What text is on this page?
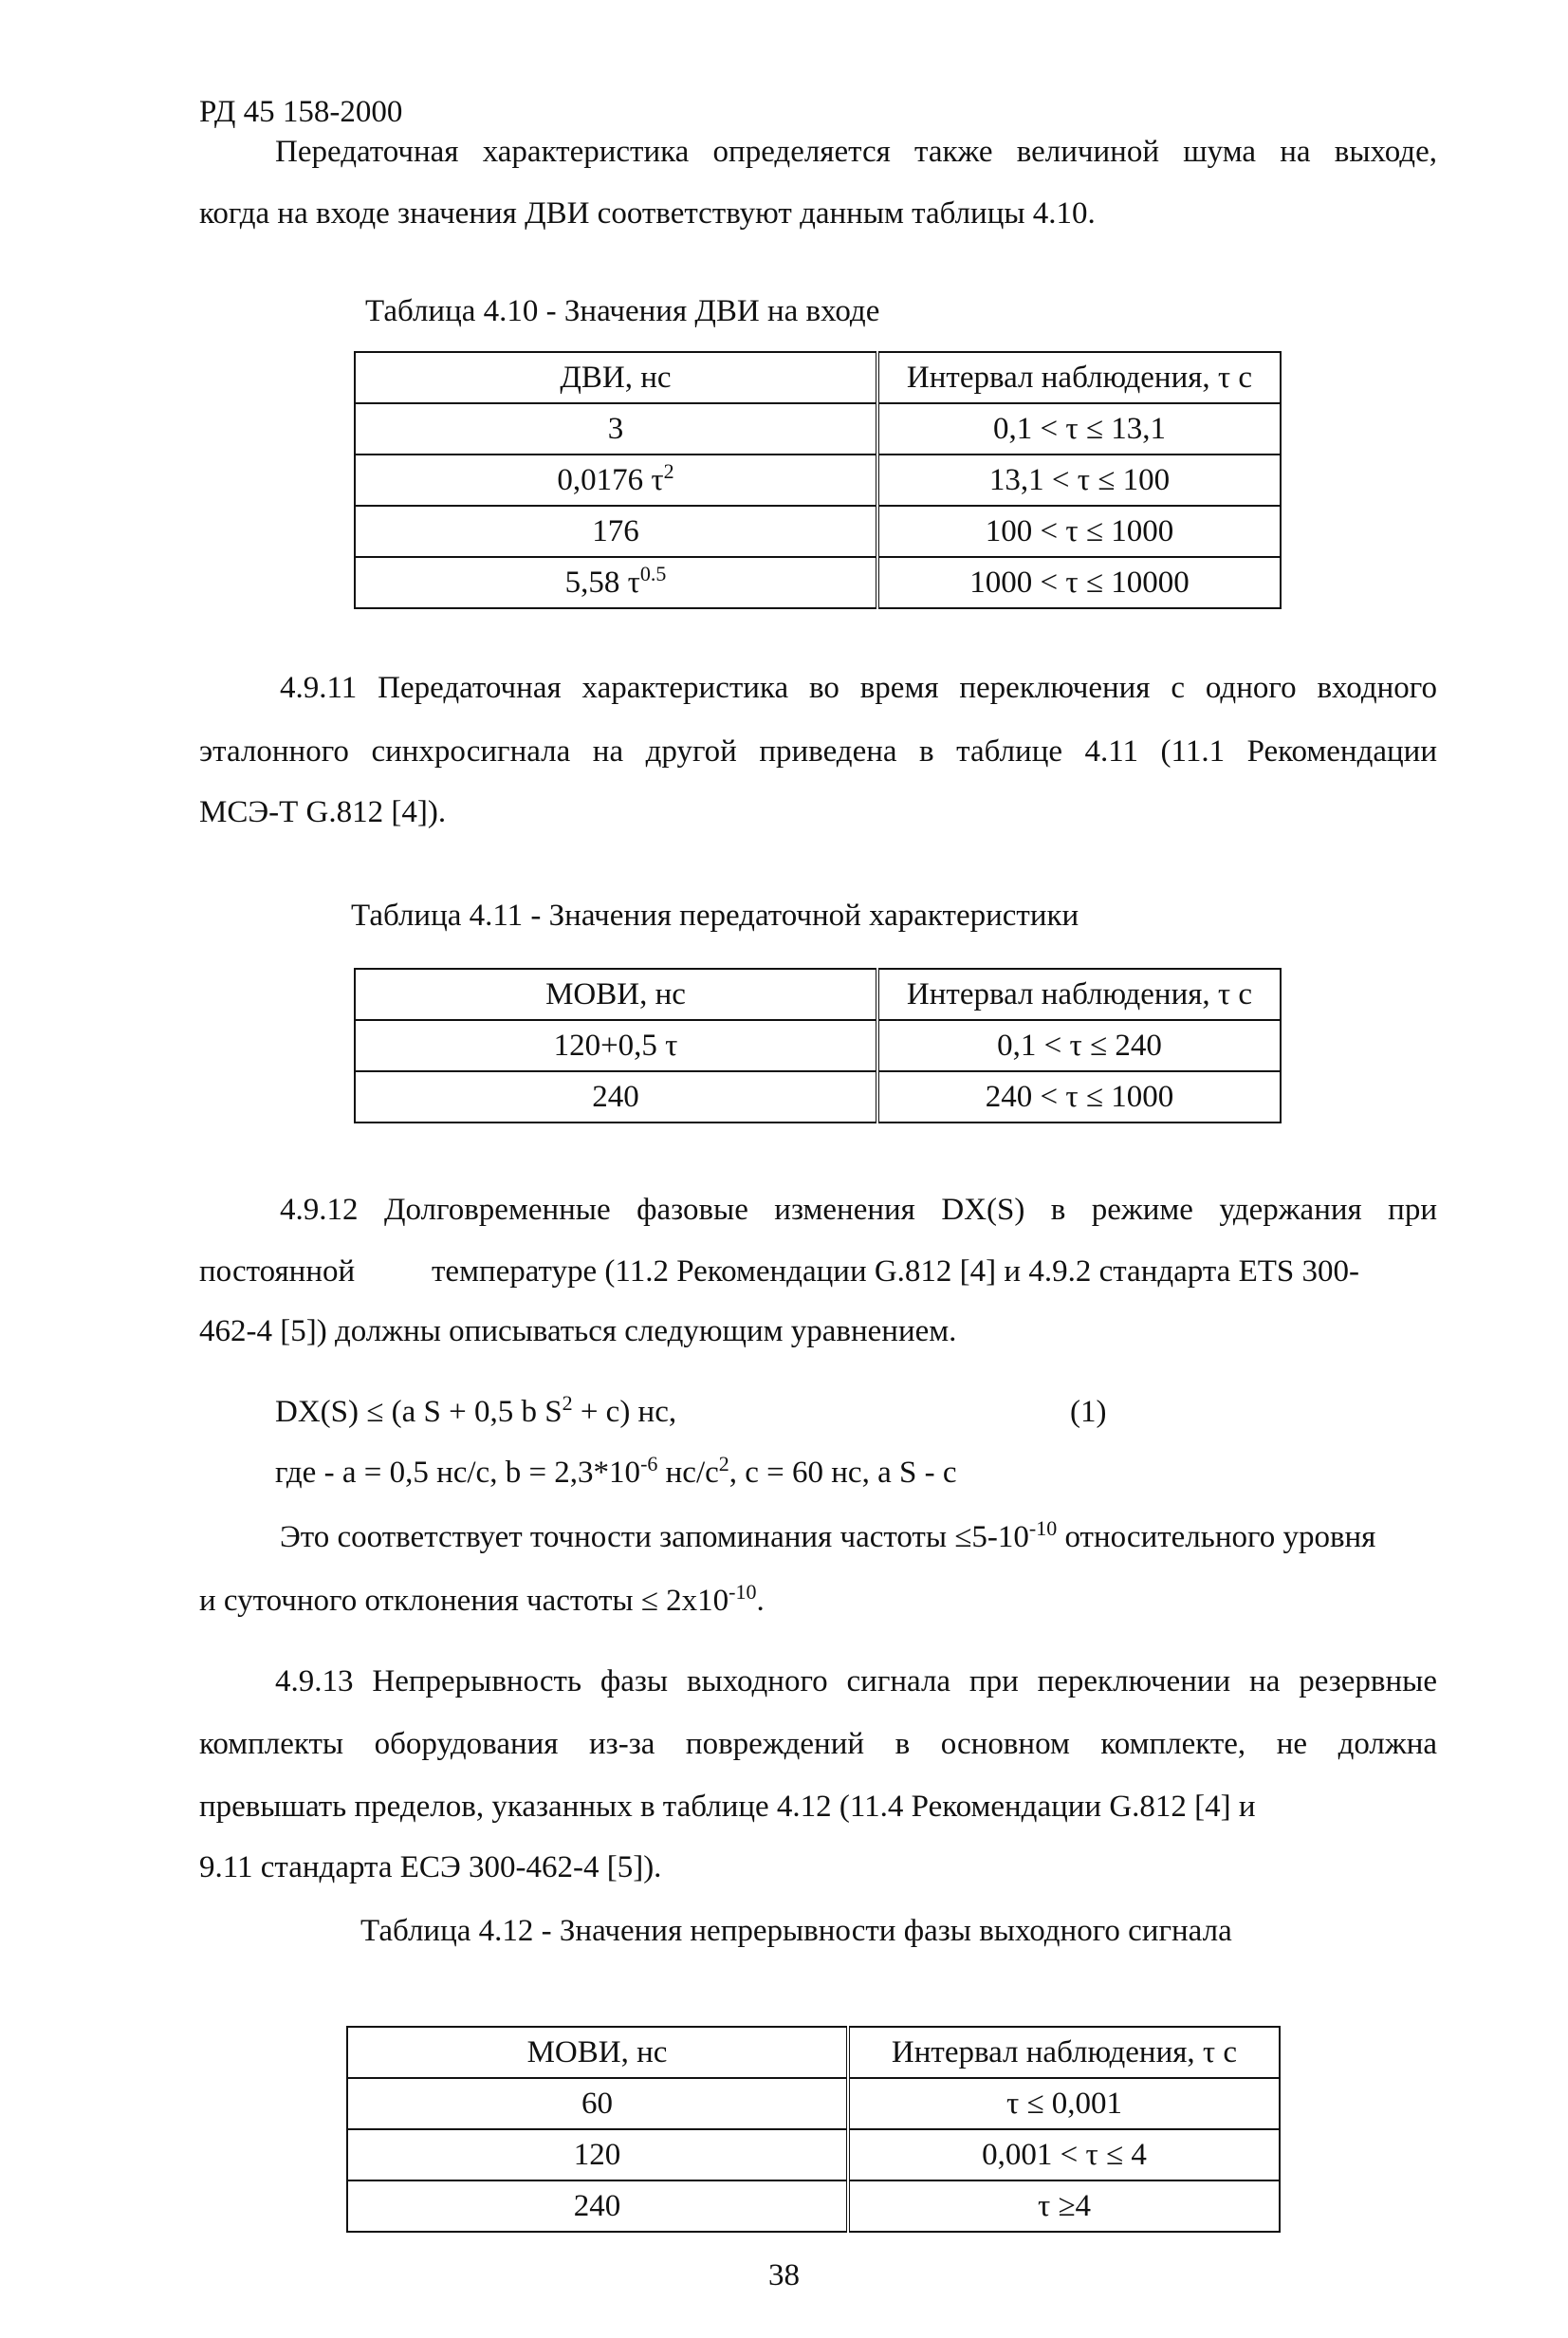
РД 45 158-2000
Передаточная характеристика определяется также величиной шума на выходе,
когда на входе значения ДВИ соответствуют данным таблицы 4.10.
Таблица 4.10 - Значения ДВИ на входе
ДВИ, нс	Интервал наблюдения, τ с
3	0,1 < τ ≤ 13,1
0,0176 $\tau^2$	13,1 < τ ≤ 100
176	100 < τ ≤ 1000
5,58 $\tau^{0.5}$	1000 < τ ≤ 10000
4.9.11 Передаточная характеристика во время переключения с одного входного
эталонного синхросигнала на другой приведена в таблице 4.11 (11.1 Рекомендации
МСЭ-Т G.812 [4]).
Таблица 4.11 - Значения передаточной характеристики
МОВИ, нс	Интервал наблюдения, τ с
120+0,5 τ	0,1 < τ ≤ 240
240	240 < τ ≤ 1000
4.9.12 Долговременные фазовые изменения DX(S) в режиме удержания при
постоянной температуре (11.2 Рекомендации G.812 [4] и 4.9.2 стандарта ETS 300-
462-4 [5]) должны описываться следующим уравнением.
DX(S) ≤ (a S + 0,5 b $S^2 + c$) нс,	(1)
где - a = 0,5 нс/с, $b = 2,3*10^{-6}$ $нс/с^2$, c = 60 нс, а S - с
Это соответствует точности запоминания частоты $\le 5-10^{-10}$ относительного уровня
и суточного отклонения частоты ≤ $2х10^{-10}$.
4.9.13 Непрерывность фазы выходного сигнала при переключении на резервные
комплекты оборудования из-за повреждений в основном комплекте, не должна
превышать пределов, указанных в таблице 4.12 (11.4 Рекомендации G.812 [4] и
9.11 стандарта ЕСЭ 300-462-4 [5]).
Таблица 4.12 - Значения непрерывности фазы выходного сигнала
МОВИ, нс	Интервал наблюдения, τ с
60	τ ≤ 0,001
120	0,001 < τ ≤ 4
240	τ ≥4
38
